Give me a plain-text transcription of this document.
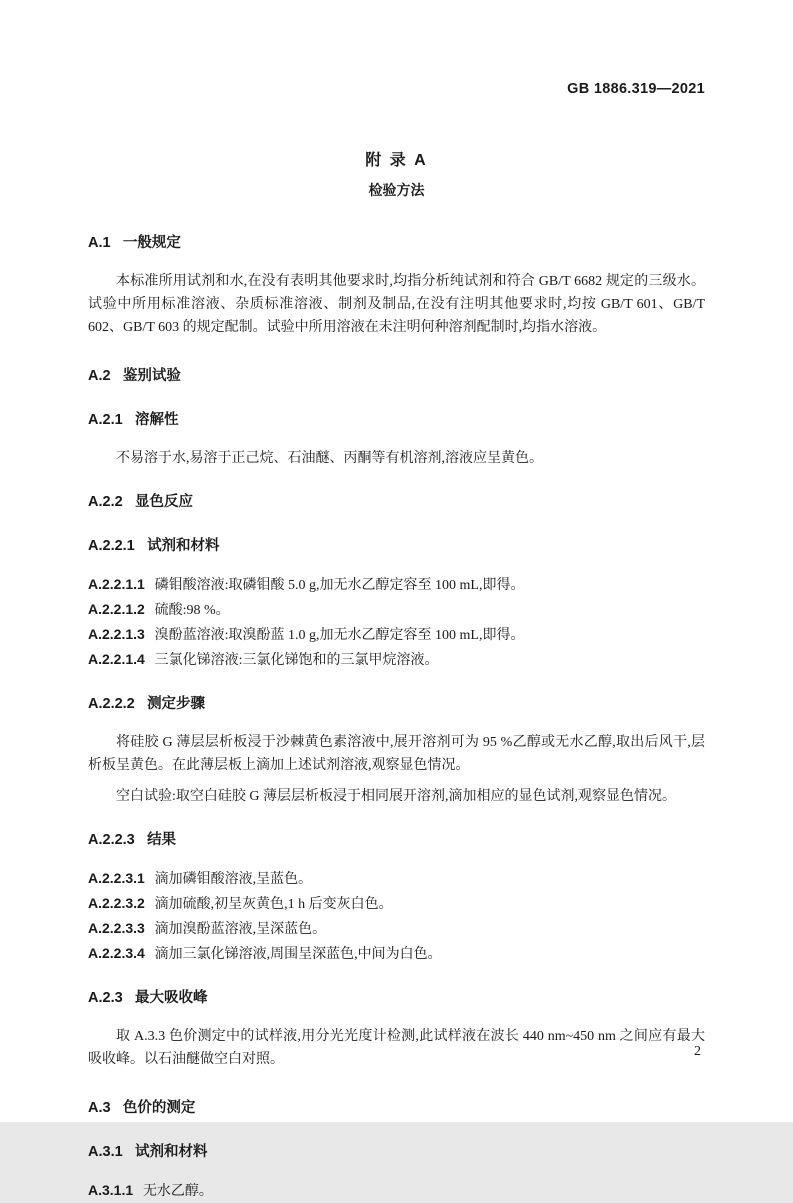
GB 1886.319—2021
附 录 A
检验方法
A.1 一般规定

本标准所用试剂和水,在没有表明其他要求时,均指分析纯试剂和符合 GB/T 6682 规定的三级水。试验中所用标准溶液、杂质标准溶液、制剂及制品,在没有注明其他要求时,均按 GB/T 601、GB/T 602、GB/T 603 的规定配制。试验中所用溶液在未注明何种溶剂配制时,均指水溶液。

A.2 鉴别试验
A.2.1 溶解性

不易溶于水,易溶于正己烷、石油醚、丙酮等有机溶剂,溶液应呈黄色。

A.2.2 显色反应
A.2.2.1 试剂和材料
A.2.2.1.1 磷钼酸溶液:取磷钼酸 5.0 g,加无水乙醇定容至 100 mL,即得。
A.2.2.1.2 硫酸:98 %。
A.2.2.1.3 溴酚蓝溶液:取溴酚蓝 1.0 g,加无水乙醇定容至 100 mL,即得。
A.2.2.1.4 三氯化锑溶液:三氯化锑饱和的三氯甲烷溶液。
A.2.2.2 测定步骤

将硅胶 G 薄层层析板浸于沙棘黄色素溶液中,展开溶剂可为 95 %乙醇或无水乙醇,取出后风干,层析板呈黄色。在此薄层板上滴加上述试剂溶液,观察显色情况。

空白试验:取空白硅胶 G 薄层层析板浸于相同展开溶剂,滴加相应的显色试剂,观察显色情况。

A.2.2.3 结果
A.2.2.3.1 滴加磷钼酸溶液,呈蓝色。
A.2.2.3.2 滴加硫酸,初呈灰黄色,1 h 后变灰白色。
A.2.2.3.3 滴加溴酚蓝溶液,呈深蓝色。
A.2.2.3.4 滴加三氯化锑溶液,周围呈深蓝色,中间为白色。
A.2.3 最大吸收峰

取 A.3.3 色价测定中的试样液,用分光光度计检测,此试样液在波长 440 nm~450 nm 之间应有最大吸收峰。以石油醚做空白对照。

A.3 色价的测定
A.3.1 试剂和材料
A.3.1.1 无水乙醇。
2
